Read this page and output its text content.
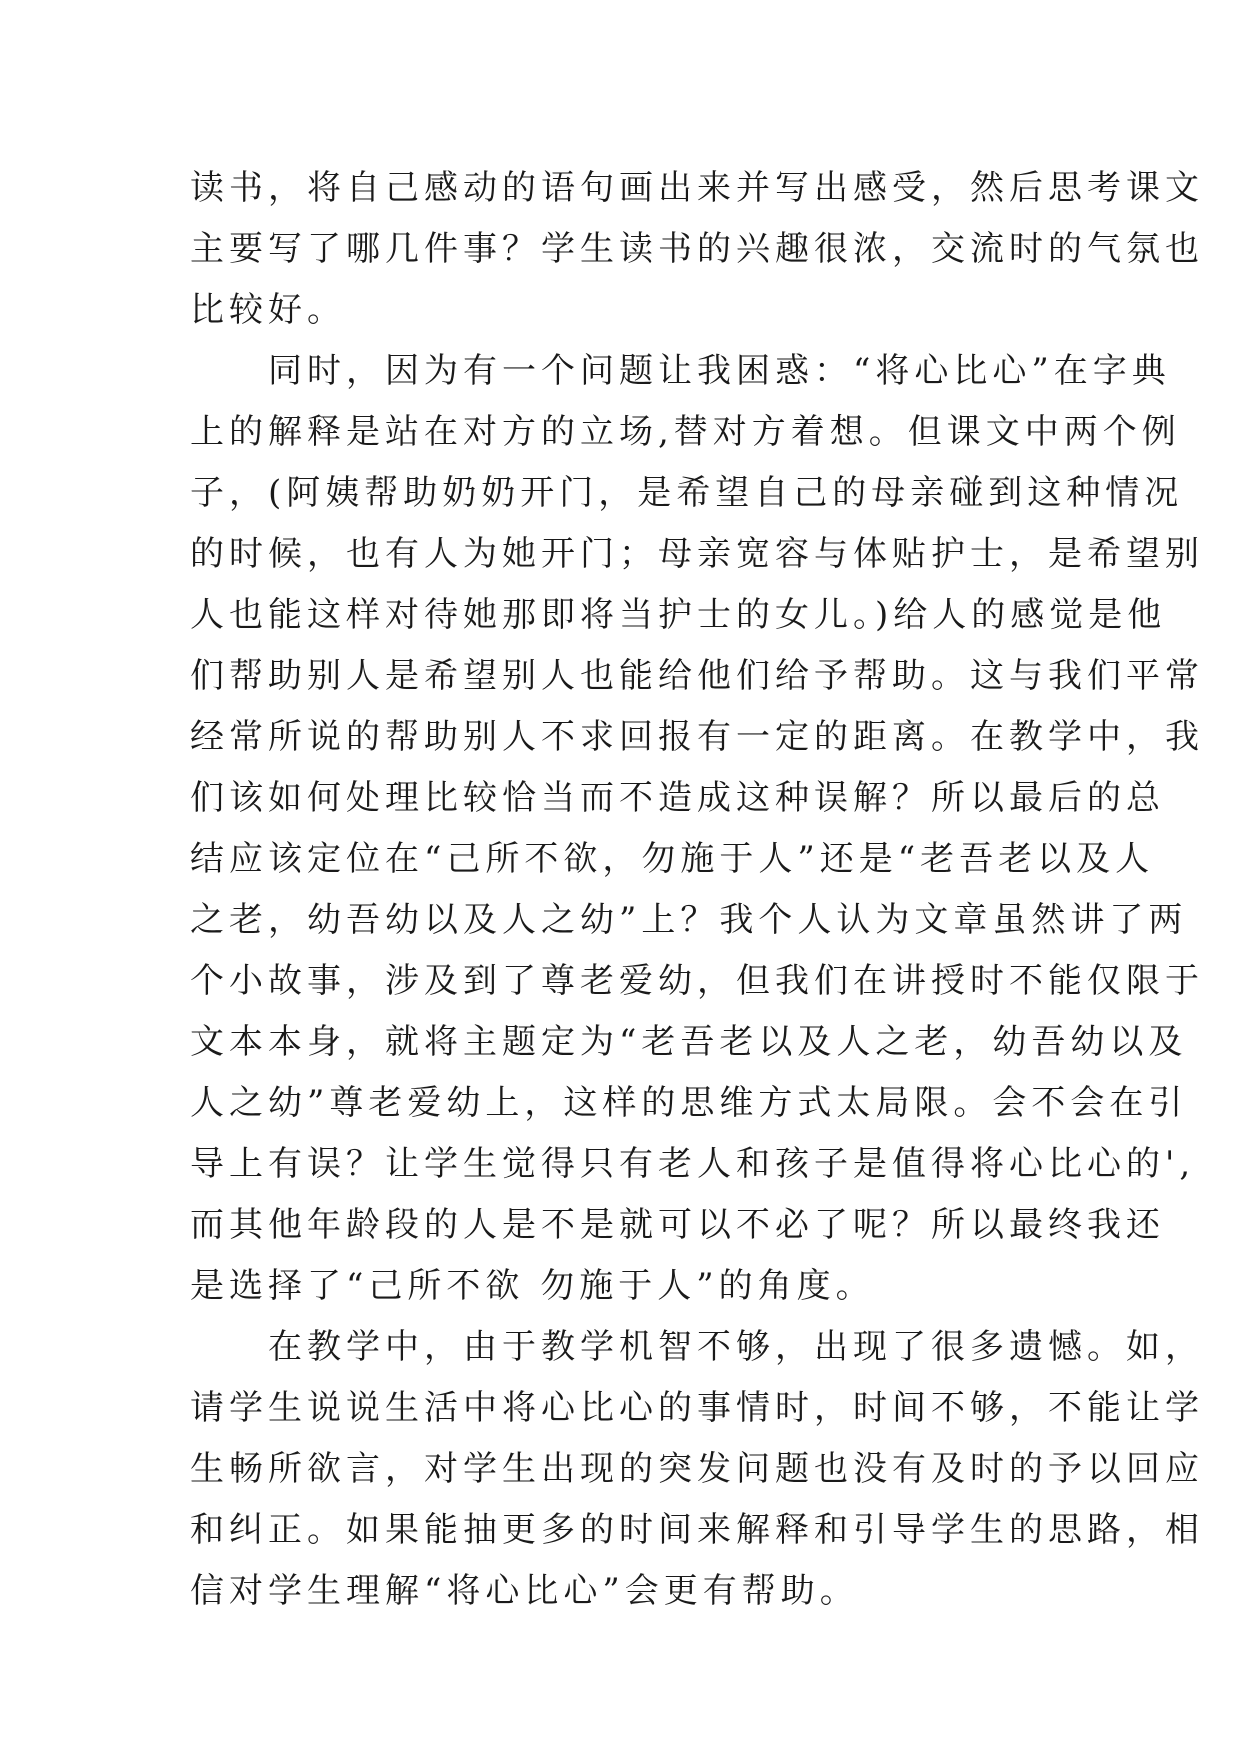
读书，将自己感动的语句画出来并写出感受，然后思考课文
主要写了哪几件事？学生读书的兴趣很浓，交流时的气氛也
比较好。
　　同时，因为有一个问题让我困惑：“将心比心”在字典
上的解释是站在对方的立场,替对方着想。但课文中两个例
子，(阿姨帮助奶奶开门，是希望自己的母亲碰到这种情况
的时候，也有人为她开门；母亲宽容与体贴护士，是希望别
人也能这样对待她那即将当护士的女儿。)给人的感觉是他
们帮助别人是希望别人也能给他们给予帮助。这与我们平常
经常所说的帮助别人不求回报有一定的距离。在教学中，我
们该如何处理比较恰当而不造成这种误解？所以最后的总
结应该定位在“己所不欲，勿施于人”还是“老吾老以及人
之老，幼吾幼以及人之幼”上？我个人认为文章虽然讲了两
个小故事，涉及到了尊老爱幼，但我们在讲授时不能仅限于
文本本身，就将主题定为“老吾老以及人之老，幼吾幼以及
人之幼”尊老爱幼上，这样的思维方式太局限。会不会在引
导上有误？让学生觉得只有老人和孩子是值得将心比心的',
而其他年龄段的人是不是就可以不必了呢？所以最终我还
是选择了“己所不欲 勿施于人”的角度。
　　在教学中，由于教学机智不够，出现了很多遗憾。如，
请学生说说生活中将心比心的事情时，时间不够，不能让学
生畅所欲言，对学生出现的突发问题也没有及时的予以回应
和纠正。如果能抽更多的时间来解释和引导学生的思路，相
信对学生理解“将心比心”会更有帮助。
